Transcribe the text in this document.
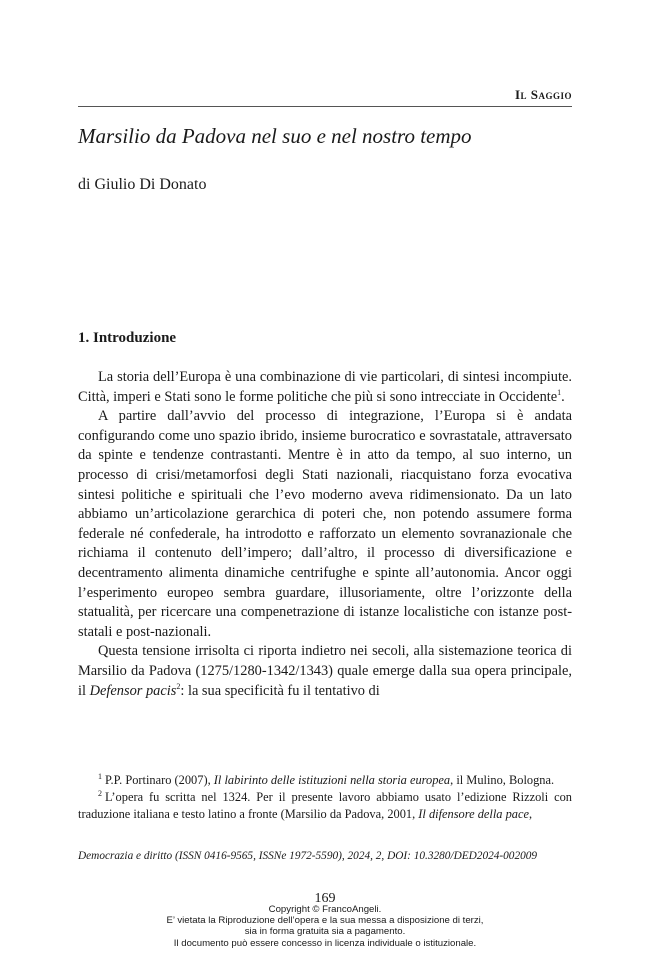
Il Saggio
Marsilio da Padova nel suo e nel nostro tempo
di Giulio Di Donato
1. Introduzione

La storia dell’Europa è una combinazione di vie particolari, di sintesi incompiute. Città, imperi e Stati sono le forme politiche che più si sono intrecciate in Occidente$^1$.

A partire dall’avvio del processo di integrazione, l’Europa si è andata configurando come uno spazio ibrido, insieme burocratico e sovrastatale, attraversato da spinte e tendenze contrastanti. Mentre è in atto da tempo, al suo interno, un processo di crisi/metamorfosi degli Stati nazionali, riacquistano forza evocativa sintesi politiche e spirituali che l’evo moderno aveva ridimensionato. Da un lato abbiamo un’articolazione gerarchica di poteri che, non potendo assumere forma federale né confederale, ha introdotto e rafforzato un elemento sovranazionale che richiama il contenuto dell’impero; dall’altro, il processo di diversificazione e decentramento alimenta dinamiche centrifughe e spinte all’autonomia. Ancor oggi l’esperimento europeo sembra guardare, illusoriamente, oltre l’orizzonte della statualità, per ricercare una compenetrazione di istanze localistiche con istanze post-statali e post-nazionali.

Questa tensione irrisolta ci riporta indietro nei secoli, alla sistemazione teorica di Marsilio da Padova (1275/1280-1342/1343) quale emerge dalla sua opera principale, il Defensor pacis$^2$: la sua specificità fu il tentativo di

$^1$ P.P. Portinaro (2007), Il labirinto delle istituzioni nella storia europea, il Mulino, Bologna.

$^2$ L’opera fu scritta nel 1324. Per il presente lavoro abbiamo usato l’edizione Rizzoli con traduzione italiana e testo latino a fronte (Marsilio da Padova, 2001, Il difensore della pace,

Democrazia e diritto (ISSN 0416-9565, ISSNe 1972-5590), 2024, 2, DOI: 10.3280/DED2024-002009
169
Copyright © FrancoAngeli.
E’ vietata la Riproduzione dell’opera e la sua messa a disposizione di terzi,
sia in forma gratuita sia a pagamento.
Il documento può essere concesso in licenza individuale o istituzionale.
